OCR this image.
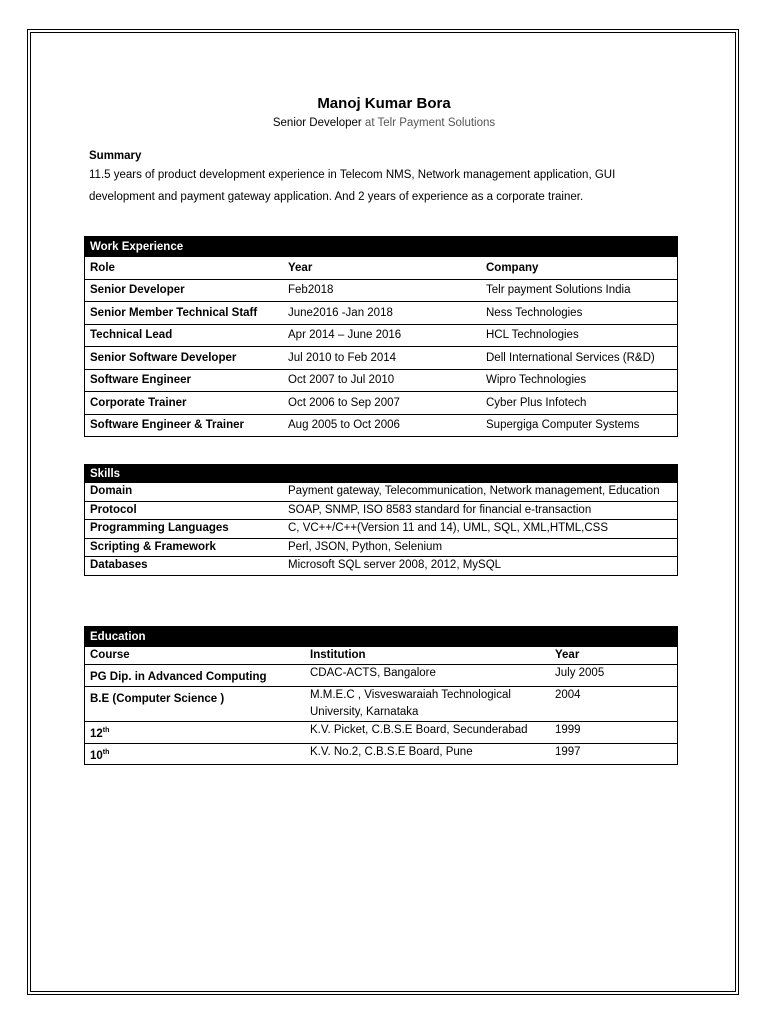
Manoj Kumar Bora
Senior Developer at Telr Payment Solutions
Summary
11.5 years of product development experience in Telecom NMS, Network management application, GUI development and payment gateway application. And 2 years of experience as a corporate trainer.
Work Experience		
Role	Year	Company
Senior Developer	Feb2018	Telr payment Solutions India
Senior Member Technical Staff	June2016 -Jan 2018	Ness Technologies
Technical Lead	Apr 2014 – June 2016	HCL Technologies
Senior Software Developer	Jul 2010 to Feb 2014	Dell International Services (R&D)
Software Engineer	Oct 2007 to Jul 2010	Wipro Technologies
Corporate Trainer	Oct 2006 to Sep 2007	Cyber Plus Infotech
Software Engineer & Trainer	Aug 2005 to Oct 2006	Supergiga Computer Systems
Skills	
Domain	Payment gateway, Telecommunication, Network management, Education
Protocol	SOAP, SNMP, ISO 8583 standard for financial e-transaction
Programming Languages	C, VC++/C++(Version 11 and 14), UML, SQL, XML,HTML,CSS
Scripting & Framework	Perl, JSON, Python, Selenium
Databases	Microsoft SQL server 2008, 2012, MySQL
Education		
Course	Institution	Year
PG Dip. in Advanced Computing	CDAC-ACTS, Bangalore	July 2005
B.E (Computer Science )	M.M.E.C , Visveswaraiah Technological University, Karnataka	2004
12th	K.V. Picket, C.B.S.E Board, Secunderabad	1999
10th	K.V. No.2, C.B.S.E Board, Pune	1997
